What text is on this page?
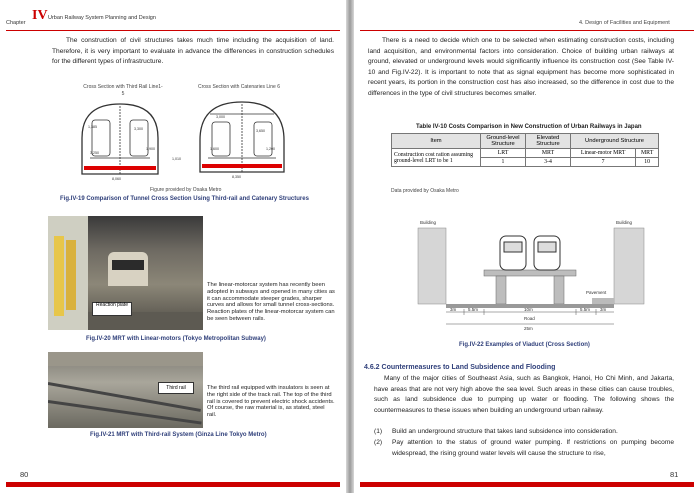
Chapter IV Urban Railway System Planning and Design
The construction of civil structures takes much time including the acquisition of land. Therefore, it is very important to evaluate in advance the differences in construction schedules for the different types of infrastructure.
Cross Section with Third Rail Line1-5
Cross Section with Catenaries Line 6
1,385	3,300
3,250
8,060
1,900
3,000
3,650
8,350
1,600	1,200
1,010
Figure provided by Osaka Metro
Fig.IV-19 Comparison of Tunnel Cross Section Using Third-rail and Catenary Structures
Reaction plate
The linear-motorcar system has recently been adopted in subways and opened in many cities as it can accommodate steeper grades, sharper curves and allows for small tunnel cross-sections. Reaction plates of the linear-motorcar system can be seen between rails.
Fig.IV-20 MRT with Linear-motors (Tokyo Metropolitan Subway)
Third rail	The third rail equipped with insulators is seen at the right side of the track rail. The top of the third rail is covered to prevent electric shock accidents. Of course, the raw material is, as stated, steel rail.
Fig.IV-21 MRT with Third-rail System (Ginza Line Tokyo Metro)
80
4. Design of Facilities and Equipment
There is a need to decide which one to be selected when estimating construction costs, including land acquisition, and environmental factors into consideration. Choice of building urban railways at ground, elevated or underground levels would significantly influence its construction cost (See Table IV-10 and Fig.IV-22). It is important to note that as signal equipment has become more sophisticated in recent years, its portion in the construction cost has also increased, so the difference in cost due to the differences in the type of civil structures becomes smaller.
Table IV-10 Costs Comparison in New Construction of Urban Railways in Japan
Item	Ground-level Structure	Elevated Structure	Underground Structure	
Construction cost ration assuming ground-level LRT to be 1	LRT	MRT	Linear-motor MRT	MRT
	1	3-4	7	10
Data provided by Osaka Metro
Building	Building
Pavement
Road
3m	5.5m	10m	5.5m 3m
25m
Fig.IV-22 Examples of Viaduct (Cross Section)
4.6.2 Countermeasures to Land Subsidence and Flooding
Many of the major cities of Southeast Asia, such as Bangkok, Hanoi, Ho Chi Minh, and Jakarta, have areas that are not very high above the sea level. Such areas in these cities can cause troubles, such as land subsidence due to pumping up water or flooding. The following shows the countermeasures to these issues when building an underground urban railway.
(1) Build an underground structure that takes land subsidence into consideration.
(2) Pay attention to the status of ground water pumping. If restrictions on pumping become widespread, the rising ground water levels will cause the structure to rise,
81
